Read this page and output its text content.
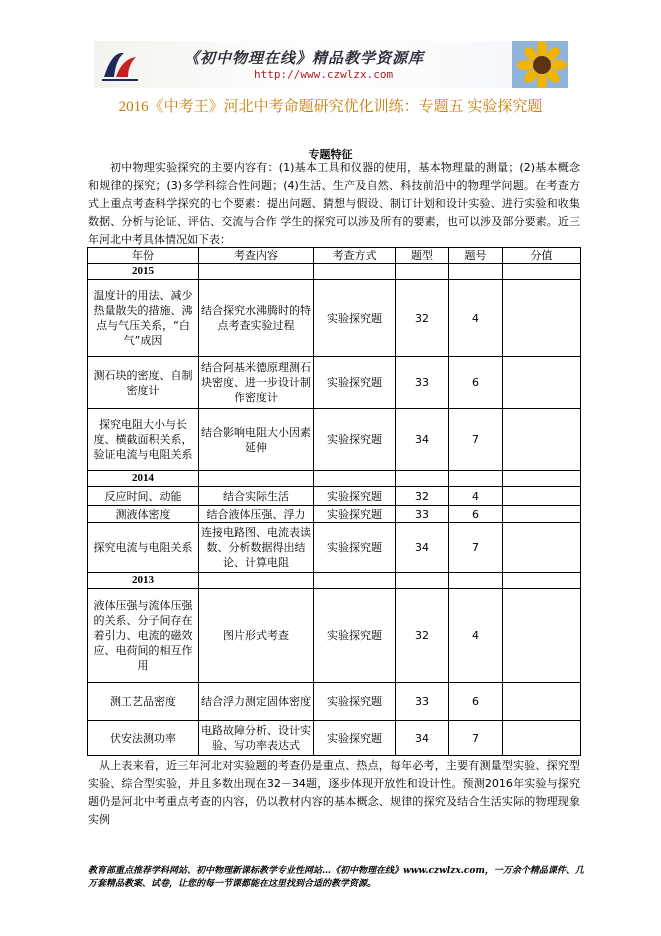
《初中物理在线》精品教学资源库
http://www.czwlzx.com
2016《中考王》河北中考命题研究优化训练：专题五 实验探究题
专题特征
初中物理实验探究的主要内容有：(1)基本工具和仪器的使用，基本物理量的测量；(2)基本概念和规律的探究；(3)多学科综合性问题；(4)生活、生产及自然、科技前沿中的物理学问题。在考查方式上重点考查科学探究的七个要素：提出问题、猜想与假设、制订计划和设计实验、进行实验和收集数据、分析与论证、评估、交流与合作 学生的探究可以涉及所有的要素，也可以涉及部分要素。近三年河北中考具体情况如下表：
年份	考查内容	考查方式	题型	题号	分值
2015					
温度计的用法、减少热量散失的措施、沸点与气压关系，“白气”成因	结合探究水沸腾时的特点考查实验过程	实验探究题	32	4	
测石块的密度、自制密度计	结合阿基米德原理测石块密度、进一步设计制作密度计	实验探究题	33	6	
探究电阻大小与长度、横截面积关系，验证电流与电阻关系	结合影响电阻大小因素延伸	实验探究题	34	7	
2014					
反应时间、动能	结合实际生活	实验探究题	32	4	
测液体密度	结合液体压强、浮力	实验探究题	33	6	
探究电流与电阻关系	连接电路图、电流表读数、分析数据得出结论、计算电阻	实验探究题	34	7	
2013					
液体压强与流体压强的关系、分子间存在着引力、电流的磁效应、电荷间的相互作用	图片形式考查	实验探究题	32	4	
测工艺品密度	结合浮力测定固体密度	实验探究题	33	6	
伏安法测功率	电路故障分析、设计实验、写功率表达式	实验探究题	34	7	
从上表来看，近三年河北对实验题的考查仍是重点、热点，每年必考，主要有测量型实验、探究型实验、综合型实验，并且多数出现在32－34题，逐步体现开放性和设计性。预测2016年实验与探究题仍是河北中考重点考查的内容，仍以教材内容的基本概念、规律的探究及结合生活实际的物理现象实例
教育部重点推荐学科网站、初中物理新课标教学专业性网站…《初中物理在线》www.czwlzx.com，一万余个精品课件、几万套精品教案、试卷，让您的每一节课都能在这里找到合适的教学资源。
